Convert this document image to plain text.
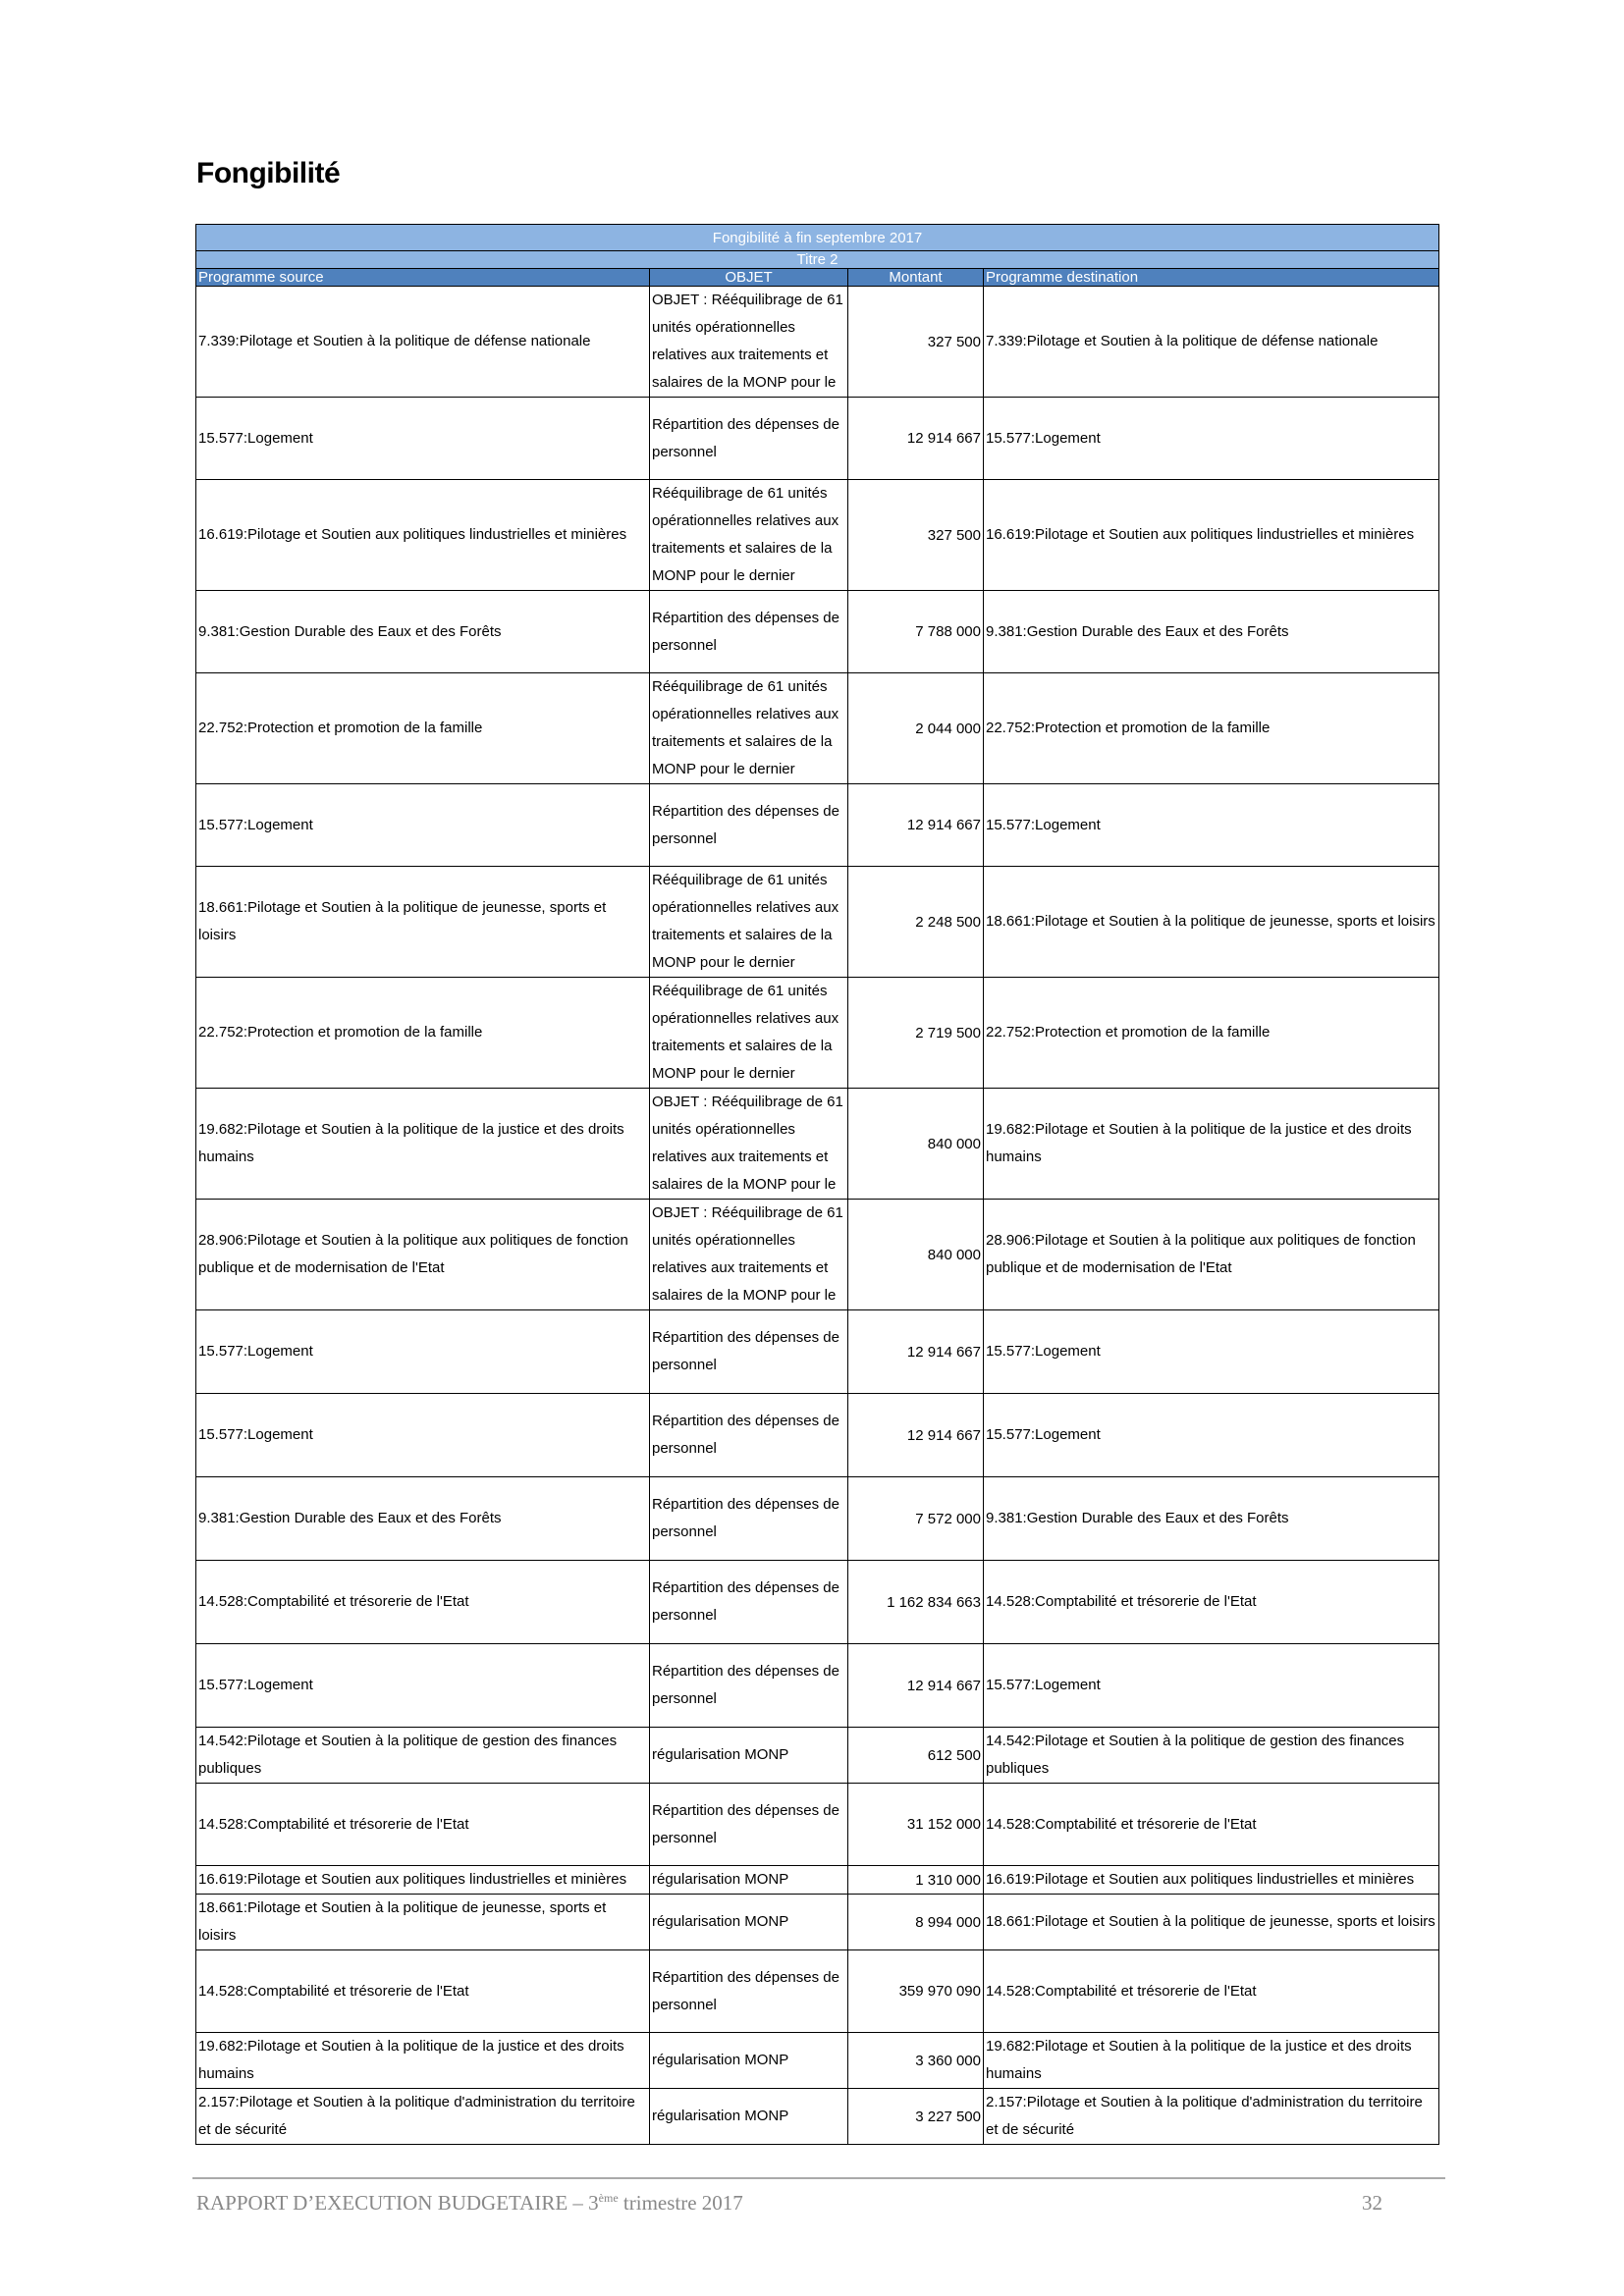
Fongibilité
Fongibilité à fin septembre 2017			
Titre 2			
Programme source	OBJET	Montant	Programme destination
7.339:Pilotage et Soutien à la politique de défense nationale	OBJET : Rééquilibrage de 61 unités opérationnelles relatives aux traitements et salaires de la MONP pour le	327 500	7.339:Pilotage et Soutien à la politique de défense nationale
15.577:Logement	Répartition des dépenses de personnel	12 914 667	15.577:Logement
16.619:Pilotage et Soutien aux politiques lindustrielles et minières	Rééquilibrage de 61 unités opérationnelles relatives aux traitements et salaires de la MONP pour le dernier	327 500	16.619:Pilotage et Soutien aux politiques lindustrielles et minières
9.381:Gestion Durable des Eaux et des Forêts	Répartition des dépenses de personnel	7 788 000	9.381:Gestion Durable des Eaux et des Forêts
22.752:Protection et promotion de la famille	Rééquilibrage de 61 unités opérationnelles relatives aux traitements et salaires de la MONP pour le dernier	2 044 000	22.752:Protection et promotion de la famille
15.577:Logement	Répartition des dépenses de personnel	12 914 667	15.577:Logement
18.661:Pilotage et Soutien à la politique de jeunesse, sports et loisirs	Rééquilibrage de 61 unités opérationnelles relatives aux traitements et salaires de la MONP pour le dernier	2 248 500	18.661:Pilotage et Soutien à la politique de jeunesse, sports et loisirs
22.752:Protection et promotion de la famille	Rééquilibrage de 61 unités opérationnelles relatives aux traitements et salaires de la MONP pour le dernier	2 719 500	22.752:Protection et promotion de la famille
19.682:Pilotage et Soutien à la politique de la justice et des droits humains	OBJET : Rééquilibrage de 61 unités opérationnelles relatives aux traitements et salaires de la MONP pour le	840 000	19.682:Pilotage et Soutien à la politique de la justice et des droits humains
28.906:Pilotage et Soutien à la politique aux politiques de fonction publique et de modernisation de l'Etat	OBJET : Rééquilibrage de 61 unités opérationnelles relatives aux traitements et salaires de la MONP pour le	840 000	28.906:Pilotage et Soutien à la politique aux politiques de fonction publique et de modernisation de l'Etat
15.577:Logement	Répartition des dépenses de personnel	12 914 667	15.577:Logement
15.577:Logement	Répartition des dépenses de personnel	12 914 667	15.577:Logement
9.381:Gestion Durable des Eaux et des Forêts	Répartition des dépenses de personnel	7 572 000	9.381:Gestion Durable des Eaux et des Forêts
14.528:Comptabilité et trésorerie de l'Etat	Répartition des dépenses de personnel	1 162 834 663	14.528:Comptabilité et trésorerie de l'Etat
15.577:Logement	Répartition des dépenses de personnel	12 914 667	15.577:Logement
14.542:Pilotage et Soutien à la politique de gestion des finances publiques	régularisation MONP	612 500	14.542:Pilotage et Soutien à la politique de gestion des finances publiques
14.528:Comptabilité et trésorerie de l'Etat	Répartition des dépenses de personnel	31 152 000	14.528:Comptabilité et trésorerie de l'Etat
16.619:Pilotage et Soutien aux politiques lindustrielles et minières	régularisation MONP	1 310 000	16.619:Pilotage et Soutien aux politiques lindustrielles et minières
18.661:Pilotage et Soutien à la politique de jeunesse, sports et loisirs	régularisation MONP	8 994 000	18.661:Pilotage et Soutien à la politique de jeunesse, sports et loisirs
14.528:Comptabilité et trésorerie de l'Etat	Répartition des dépenses de personnel	359 970 090	14.528:Comptabilité et trésorerie de l'Etat
19.682:Pilotage et Soutien à la politique de la justice et des droits humains	régularisation MONP	3 360 000	19.682:Pilotage et Soutien à la politique de la justice et des droits humains
2.157:Pilotage et Soutien à la politique d'administration du territoire et de sécurité	régularisation MONP	3 227 500	2.157:Pilotage et Soutien à la politique d'administration du territoire et de sécurité
RAPPORT D’EXECUTION BUDGETAIRE – 3ème trimestre 2017	32
